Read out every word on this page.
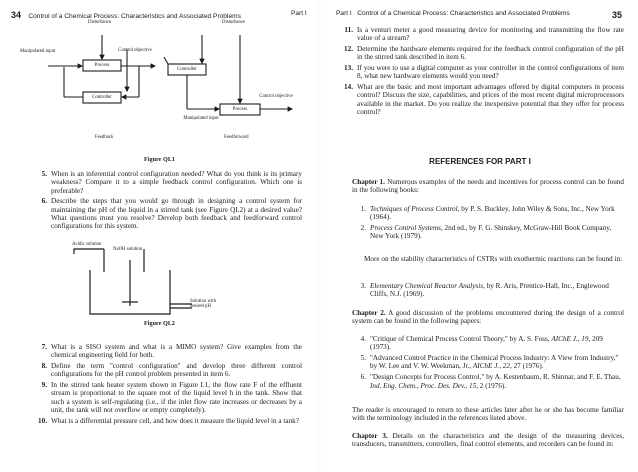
34 Control of a Chemical Process: Characteristics and Associated Problems	Part I
Disturbance	Disturbance
Manipulated input	Control objective
Process
Controller
Controller
Process
Control objective
Manipulated input
Feedback	Feedforward
Figure QI.1
5. When is an inferential control configuration needed? What do you think is its primary weakness? Compare it to a simple feedback control configuration. Which one is preferable?
6. Describe the steps that you would go through in designing a control system for maintaining the pH of the liquid in a stirred tank (see Figure QI.2) at a desired value? What questions must you resolve? Develop both feedback and feedforward control configurations for this system.
Acidic solution
NaOH solution
Solution with desired pH
Figure QI.2
7. What is a SISO system and what is a MIMO system? Give examples from the chemical engineering field for both.
8. Define the term "control configuration" and develop three different control configurations for the pH control problem presented in item 6.
9. In the stirred tank heater system shown in Figure I.1, the flow rate F of the effluent stream is proportional to the square root of the liquid level h in the tank. Show that such a system is self-regulating (i.e., if the inlet flow rate increases or decreases by a unit, the tank will not overflow or empty completely).
10. What is a differential pressure cell, and how does it measure the liquid level in a tank?
Part I Control of a Chemical Process: Characteristics and Associated Problems	35
11. Is a venturi meter a good measuring device for monitoring and transmitting the flow rate value of a stream?
12. Determine the hardware elements required for the feedback control configuration of the pH in the stirred tank described in item 6.
13. If you were to use a digital computer as your controller in the control configurations of item 8, what new hardware elements would you need?
14. What are the basic and most important advantages offered by digital computers in process control? Discuss the size, capabilities, and prices of the most recent digital microprocessors available in the market. Do you realize the inexpensive potential that they offer for process control?
REFERENCES FOR PART I
Chapter 1. Numerous examples of the needs and incentives for process control can be found in the following books:
1. Techniques of Process Control, by P. S. Buckley, John Wiley & Sons, Inc., New York (1964).
2. Process Control Systems, 2nd ed., by F. G. Shinskey, McGraw-Hill Book Company, New York (1979).
More on the stability characteristics of CSTRs with exothermic reactions can be found in:
3. Elementary Chemical Reactor Analysis, by R. Aris, Prentice-Hall, Inc., Englewood Cliffs, N.J. (1969).
Chapter 2. A good discussion of the problems encountered during the design of a control system can be found in the following papers:
4. "Critique of Chemical Process Control Theory," by A. S. Foss, AIChE J., 19, 209 (1973).
5. "Advanced Control Practice in the Chemical Process Industry: A View from Industry," by W. Lee and V. W. Weekman, Jr., AIChE J., 22, 27 (1976).
6. "Design Concepts for Process Control," by A. Kestenbaum, R. Shinnar, and F. E. Thau, Ind. Eng. Chem., Proc. Des. Dev., 15, 2 (1976).
The reader is encouraged to return to these articles later after he or she has become familiar with the terminology included in the references listed above.
Chapter 3. Details on the characteristics and the design of the measuring devices, transducers, transmitters, controllers, final control elements, and recorders can be found in:
